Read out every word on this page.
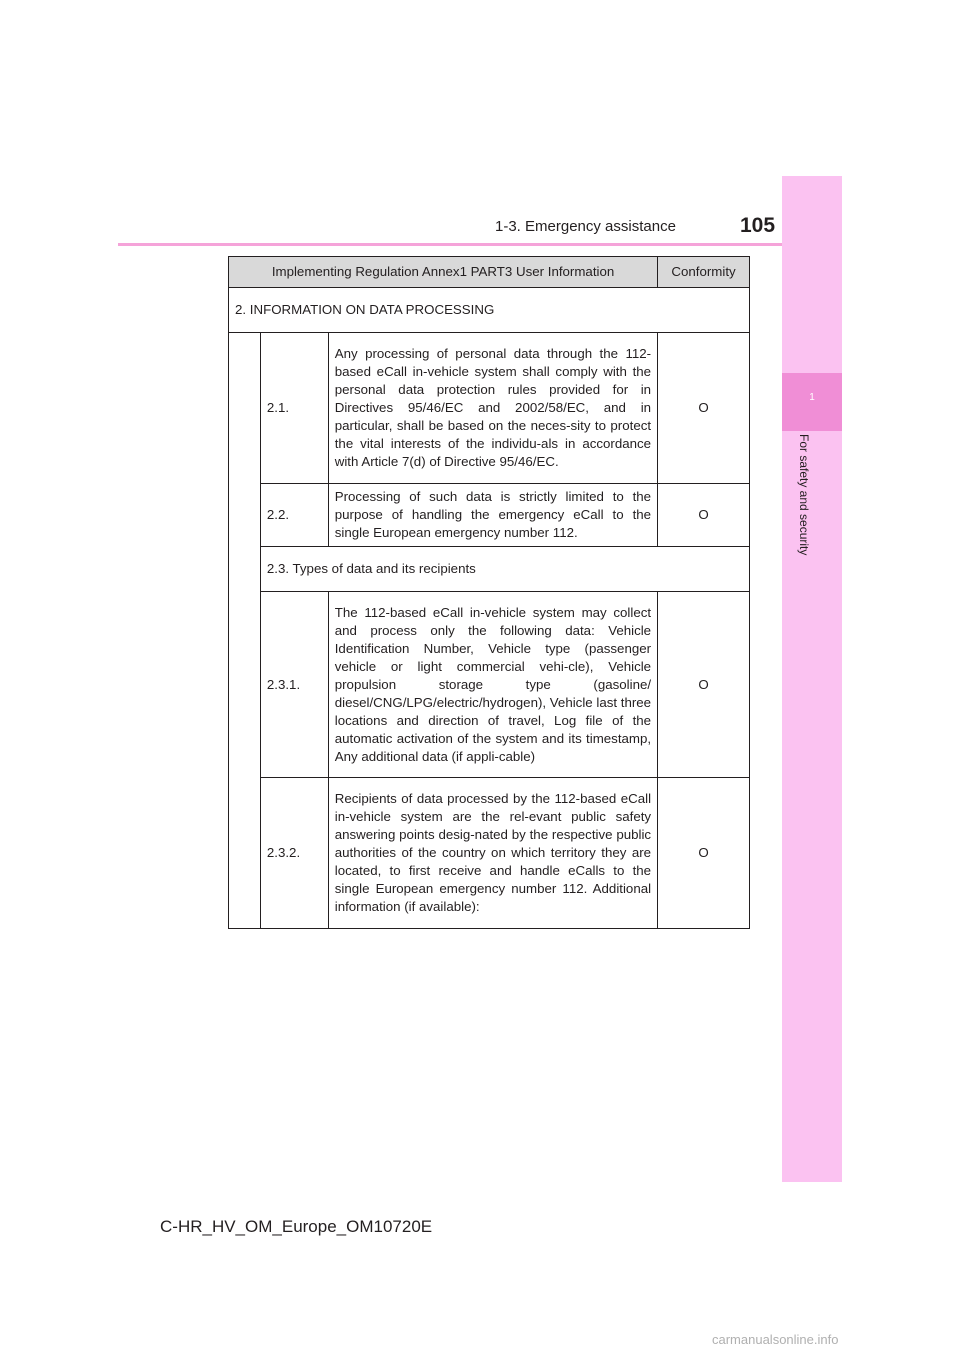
1-3. Emergency assistance	105
1
For safety and security
Implementing Regulation Annex1 PART3 User Information			Conformity
2. INFORMATION ON DATA PROCESSING			
	2.1.	Any processing of personal data through the 112-based eCall in-vehicle system shall comply with the personal data protection rules provided for in Directives 95/46/EC and 2002/58/EC, and in particular, shall be based on the neces-sity to protect the vital interests of the individu-als in accordance with Article 7(d) of Directive 95/46/EC.	O
	2.2.	Processing of such data is strictly limited to the purpose of handling the emergency eCall to the single European emergency number 112.	O
	2.3. Types of data and its recipients		
	2.3.1.	The 112-based eCall in-vehicle system may collect and process only the following data: Vehicle Identification Number, Vehicle type (passenger vehicle or light commercial vehi-cle), Vehicle propulsion storage type (gasoline/ diesel/CNG/LPG/electric/hydrogen), Vehicle last three locations and direction of travel, Log file of the automatic activation of the system and its timestamp, Any additional data (if appli-cable)	O
	2.3.2.	Recipients of data processed by the 112-based eCall in-vehicle system are the rel-evant public safety answering points desig-nated by the respective public authorities of the country on which territory they are located, to first receive and handle eCalls to the single European emergency number 112. Additional information (if available):	O
C-HR_HV_OM_Europe_OM10720E
carmanualsonline.info
